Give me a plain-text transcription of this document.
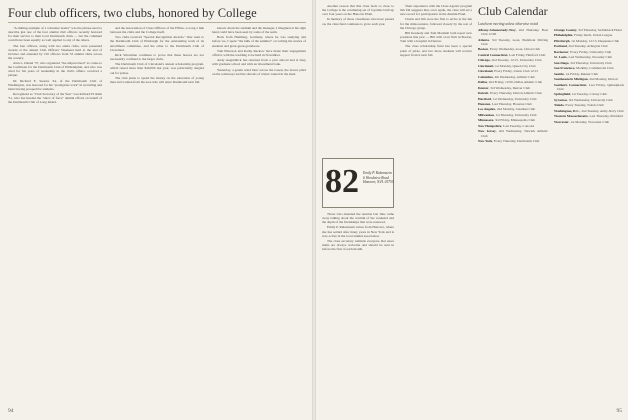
Four club officers, two clubs, honored by College

"A shining example of a volunteer leader" was the phrase used to describe just one of the four alumni club officers recently honored for their service to their local Dartmouth clubs — but the comment could have been equally as well applied to any of the others.

The four officers, along with two entire clubs, were presented awards at the annual Club Officers' Weekend held at the end of October and attended by 150 officers from 53 alumni clubs across the country.

Alan L. Daniel '37, who organized "the shipwrecked" as cruise to the Caribbean for the Dartmouth Club of Philadelphia, and who was cited for his years of leadership in the club's affairs, received a plaque.

Dr. Richard E. Stearns '44, of the Dartmouth Club of Washington, was honored for his "prodigious work" in recruiting and interviewing prospective students.

Recognized as "Club Secretary of the Year" was Richard H. Ruth '51, who has headed the "show of force" alumni efforts on behalf of the Dartmouth Club of Long Island.

and the Association of Class Officers of the Fifties, so long a link between the clubs and the College itself.

Two clubs received "Special Recognition Awards." One went to the Dartmouth Club of Pittsburgh for the outstanding work of its enrollment committee, and the other to the Dartmouth Club of Cleveland.

Rick Silverman continues to prove that these honors are not necessarily confined to the larger clubs.

The Dartmouth Club of Cleveland's annual scholarship program, which raised more than $40,000 last year, was particularly singled out for praise.

The club plans to spend the money on the education of young men and women from the area who will enter Dartmouth next fall.

known about the stadium and the manager, I imagined at his right hand could have been seen by some of the team.

Back from Hamburg, Germany, where he was studying and before we, I spent "the bulk of the summer" on writing the stories of students and great-great-grandsons.

Tom Emerson and Kathy Rackow have made their engagement official, with the wedding to be held in November.

Andy Augenblick has returned from a year abroad and is busy with graduate school and with an investment bank.

Yesterday, a gentle wind blew across the Green, the leaves piled on the walkways and the shovels of winter waited in the shed.

94

Another reason that this class feels so close to the College is the continuing set of loyalties built up over four years on the Hanover Plain.

In memory of those classmates who have passed on, the class fund continues to grow each year.

82 Emily P. Rubenstein
6 Woodview Road
Hanover, N.H. 03755

Those who attended the reunion last June came away talking about the warmth of the weekend and the depth of the friendships that were renewed.

Emily P. Rubenstein writes from Hanover, where she has settled after many years in New York and is now active in the local alumni association.

The class secretary reminds everyone that news items are always welcome and should be sent in before the first of each month.

Their experience with the Class Agents' program this fall suggests that, once again, the class will set a new record for participation in the Alumni Fund.

Chuck and Jim were the first to arrive at the Inn for the mini-reunion, followed closely by the rest of the Chicago group.

Bill Kennedy and Tom Marshall both report new positions this year — Bill with a law firm in Boston, Tom with a hospital in Denver.

The class scholarship fund has been a special point of pride, and two more students will receive support from it next fall.

Club Calendar
Luncheon meeting unless otherwise noted
Albany-Schenectady-Troy, 2nd Thursday, Boat Club 12:00
Atlanta, 3rd Tuesday, noon, Piedmont Driving Club
Boston, Every Wednesday, noon, Union Club
Central Connecticut, Last Friday, Hartford Club
Chicago, 2nd Tuesday, 12:15, University Club
Cincinnati, 1st Monday, Queen City Club
Cleveland, Every Friday, Union Club 12:15
Columbus, 4th Wednesday, Athletic Club
Dallas, 2nd Friday, 12:00, Dallas Athletic Club
Denver, 3rd Wednesday, Denver Club
Detroit, Every Thursday, Detroit Athletic Club
Hartford, 1st Wednesday, University Club
Houston, Last Thursday, Houston Club
Los Angeles, 2nd Monday, Jonathan Club
Milwaukee, 1st Thursday, University Club
Minnesota, 3rd Friday, Minneapolis Club
New Hampshire, Last Tuesday, Concord
New Jersey, 2nd Wednesday, Newark Athletic Club
New York, Every Thursday, Dartmouth Club
Orange County, 3rd Thursday, Saddleback Hotel
Philadelphia, Friday lunch, Union League
Pittsburgh, 1st Monday, 12:15, Duquesne Club
Portland, 2nd Tuesday, Arlington Club
Rochester, Every Friday, University Club
St. Louis, Last Wednesday, Noonday Club
San Diego, 3rd Thursday, University Club
San Francisco, Monthly, Commercial Club
Seattle, 1st Friday, Rainier Club
Southeastern Michigan, 2nd Monday, Detroit
Southern Connecticut, Last Friday, Quinnipiack Club
Springfield, 1st Tuesday, Colony Club
Syracuse, 3rd Wednesday, University Club
Toledo, Every Tuesday, Toledo Club
Washington, D.C., 2nd Tuesday, Army-Navy Club
Western Massachusetts, Last Thursday, Pittsfield
Worcester, 1st Monday, Worcester Club
95
